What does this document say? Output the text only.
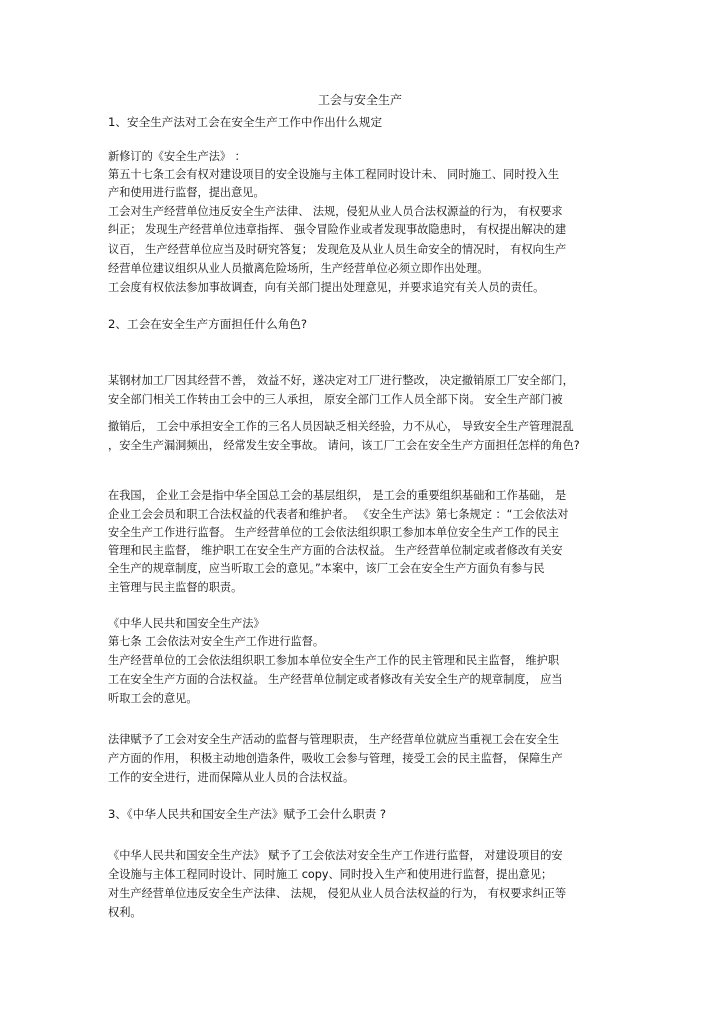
工会与安全生产
1、安全生产法对工会在安全生产工作中作出什么规定
新修订的《安全生产法》 ：
第五十七条工会有权对建设项目的安全设施与主体工程同时设计未、 同时施工、同时投入生
产和使用进行监督，提出意见。
工会对生产经营单位违反安全生产法律、 法规，侵犯从业人员合法权源益的行为， 有权要求
纠正； 发现生产经营单位违章指挥、 强令冒险作业或者发现事故隐患时， 有权提出解决的建
议百， 生产经营单位应当及时研究答复； 发现危及从业人员生命安全的情况时， 有权向生产
经营单位建议组织从业人员撤离危险场所，生产经营单位必须立即作出处理。
工会度有权依法参加事故调查，向有关部门提出处理意见，并要求追究有关人员的责任。
2、工会在安全生产方面担任什么角色?
某钢材加工厂因其经营不善， 效益不好，遂决定对工厂进行整改， 决定撤销原工厂安全部门，
安全部门相关工作转由工会中的三人承担， 原安全部门工作人员全部下岗。 安全生产部门被
撤销后， 工会中承担安全工作的三名人员因缺乏相关经验，力不从心， 导致安全生产管理混乱
，安全生产漏洞频出， 经常发生安全事故。 请问，该工厂工会在安全生产方面担任怎样的角色?
在我国， 企业工会是指中华全国总工会的基层组织， 是工会的重要组织基础和工作基础， 是
企业工会会员和职工合法权益的代表者和维护者。 《安全生产法》第七条规定 ：“工会依法对
安全生产工作进行监督。 生产经营单位的工会依法组织职工参加本单位安全生产工作的民主
管理和民主监督， 维护职工在安全生产方面的合法权益。 生产经营单位制定或者修改有关安
全生产的规章制度，应当听取工会的意见。”本案中，该厂工会在安全生产方面负有参与民
主管理与民主监督的职责。
《中华人民共和国安全生产法》
第七条 工会依法对安全生产工作进行监督。
生产经营单位的工会依法组织职工参加本单位安全生产工作的民主管理和民主监督， 维护职
工在安全生产方面的合法权益。 生产经营单位制定或者修改有关安全生产的规章制度， 应当
听取工会的意见。
法律赋予了工会对安全生产活动的监督与管理职责， 生产经营单位就应当重视工会在安全生
产方面的作用， 积极主动地创造条件，吸收工会参与管理，接受工会的民主监督， 保障生产
工作的安全进行，进而保障从业人员的合法权益。
3、《中华人民共和国安全生产法》赋予工会什么职责 ?
《中华人民共和国安全生产法》 赋予了工会依法对安全生产工作进行监督， 对建设项目的安
全设施与主体工程同时设计、同时施工 copy、同时投入生产和使用进行监督，提出意见；
对生产经营单位违反安全生产法律、 法规， 侵犯从业人员合法权益的行为， 有权要求纠正等
权利。
